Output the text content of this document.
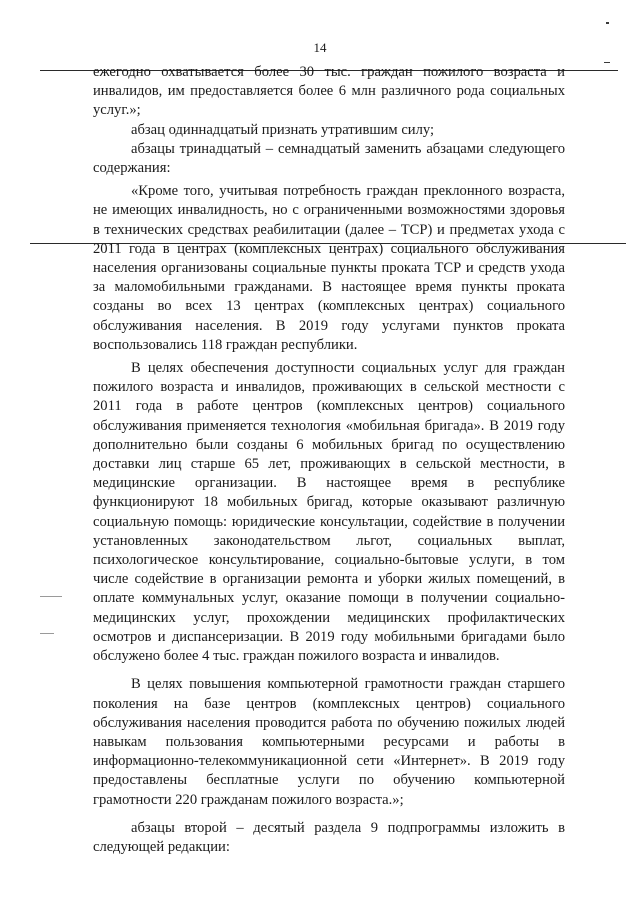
14

ежегодно охватывается более 30 тыс. граждан пожилого возраста и инвалидов, им предоставляется более 6 млн различного рода социальных услуг.»;

абзац одиннадцатый признать утратившим силу;

абзацы тринадцатый – семнадцатый заменить абзацами следующего содержания:

«Кроме того, учитывая потребность граждан преклонного возраста, не имеющих инвалидность, но с ограниченными возможностями здоровья в технических средствах реабилитации (далее – ТСР) и предметах ухода с 2011 года в центрах (комплексных центрах) социального обслуживания населения организованы социальные пункты проката ТСР и средств ухода за маломобильными гражданами. В настоящее время пункты проката созданы во всех 13 центрах (комплексных центрах) социального обслуживания населения. В 2019 году услугами пунктов проката воспользовались 118 граждан республики.

В целях обеспечения доступности социальных услуг для граждан пожилого возраста и инвалидов, проживающих в сельской местности с 2011 года в работе центров (комплексных центров) социального обслуживания применяется технология «мобильная бригада». В 2019 году дополнительно были созданы 6 мобильных бригад по осуществлению доставки лиц старше 65 лет, проживающих в сельской местности, в медицинские организации. В настоящее время в республике функционируют 18 мобильных бригад, которые оказывают различную социальную помощь: юридические консультации, содействие в получении установленных законодательством льгот, социальных выплат, психологическое консультирование, социально-бытовые услуги, в том числе содействие в организации ремонта и уборки жилых помещений, в оплате коммунальных услуг, оказание помощи в получении социально-медицинских услуг, прохождении медицинских профилактических осмотров и диспансеризации. В 2019 году мобильными бригадами было обслужено более 4 тыс. граждан пожилого возраста и инвалидов.

В целях повышения компьютерной грамотности граждан старшего поколения на базе центров (комплексных центров) социального обслуживания населения проводится работа по обучению пожилых людей навыкам пользования компьютерными ресурсами и работы в информационно-телекоммуникационной сети «Интернет». В 2019 году предоставлены бесплатные услуги по обучению компьютерной грамотности 220 гражданам пожилого возраста.»;

абзацы второй – десятый раздела 9 подпрограммы изложить в следующей редакции:
